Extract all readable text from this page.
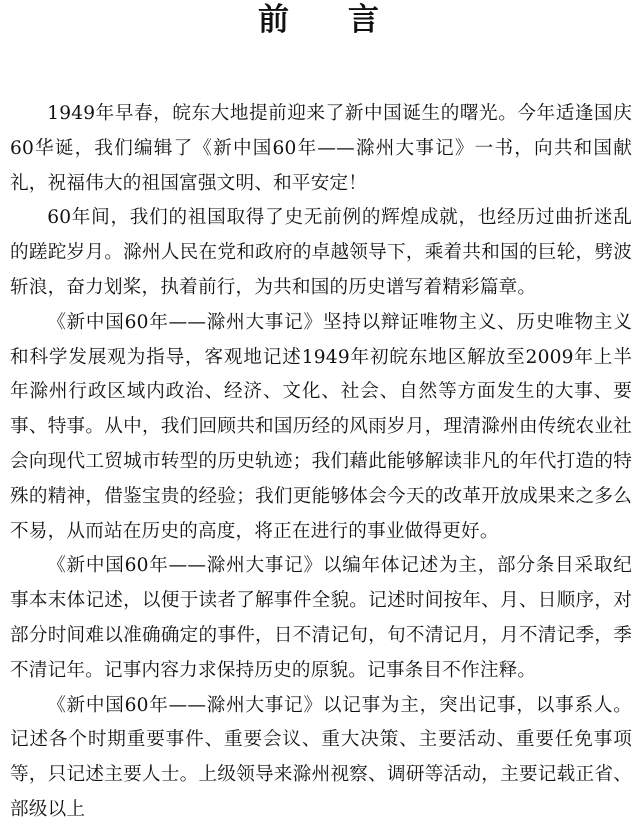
前　言

1949年早春，皖东大地提前迎来了新中国诞生的曙光。今年适逢国庆60华诞，我们编辑了《新中国60年——滁州大事记》一书，向共和国献礼，祝福伟大的祖国富强文明、和平安定！

60年间，我们的祖国取得了史无前例的辉煌成就，也经历过曲折迷乱的蹉跎岁月。滁州人民在党和政府的卓越领导下，乘着共和国的巨轮，劈波斩浪，奋力划桨，执着前行，为共和国的历史谱写着精彩篇章。

《新中国60年——滁州大事记》坚持以辩证唯物主义、历史唯物主义和科学发展观为指导，客观地记述1949年初皖东地区解放至2009年上半年滁州行政区域内政治、经济、文化、社会、自然等方面发生的大事、要事、特事。从中，我们回顾共和国历经的风雨岁月，理清滁州由传统农业社会向现代工贸城市转型的历史轨迹；我们藉此能够解读非凡的年代打造的特殊的精神，借鉴宝贵的经验；我们更能够体会今天的改革开放成果来之多么不易，从而站在历史的高度，将正在进行的事业做得更好。

《新中国60年——滁州大事记》以编年体记述为主，部分条目采取纪事本末体记述，以便于读者了解事件全貌。记述时间按年、月、日顺序，对部分时间难以准确确定的事件，日不清记旬，旬不清记月，月不清记季，季不清记年。记事内容力求保持历史的原貌。记事条目不作注释。

《新中国60年——滁州大事记》以记事为主，突出记事，以事系人。记述各个时期重要事件、重要会议、重大决策、主要活动、重要任免事项等，只记述主要人士。上级领导来滁州视察、调研等活动，主要记载正省、部级以上
